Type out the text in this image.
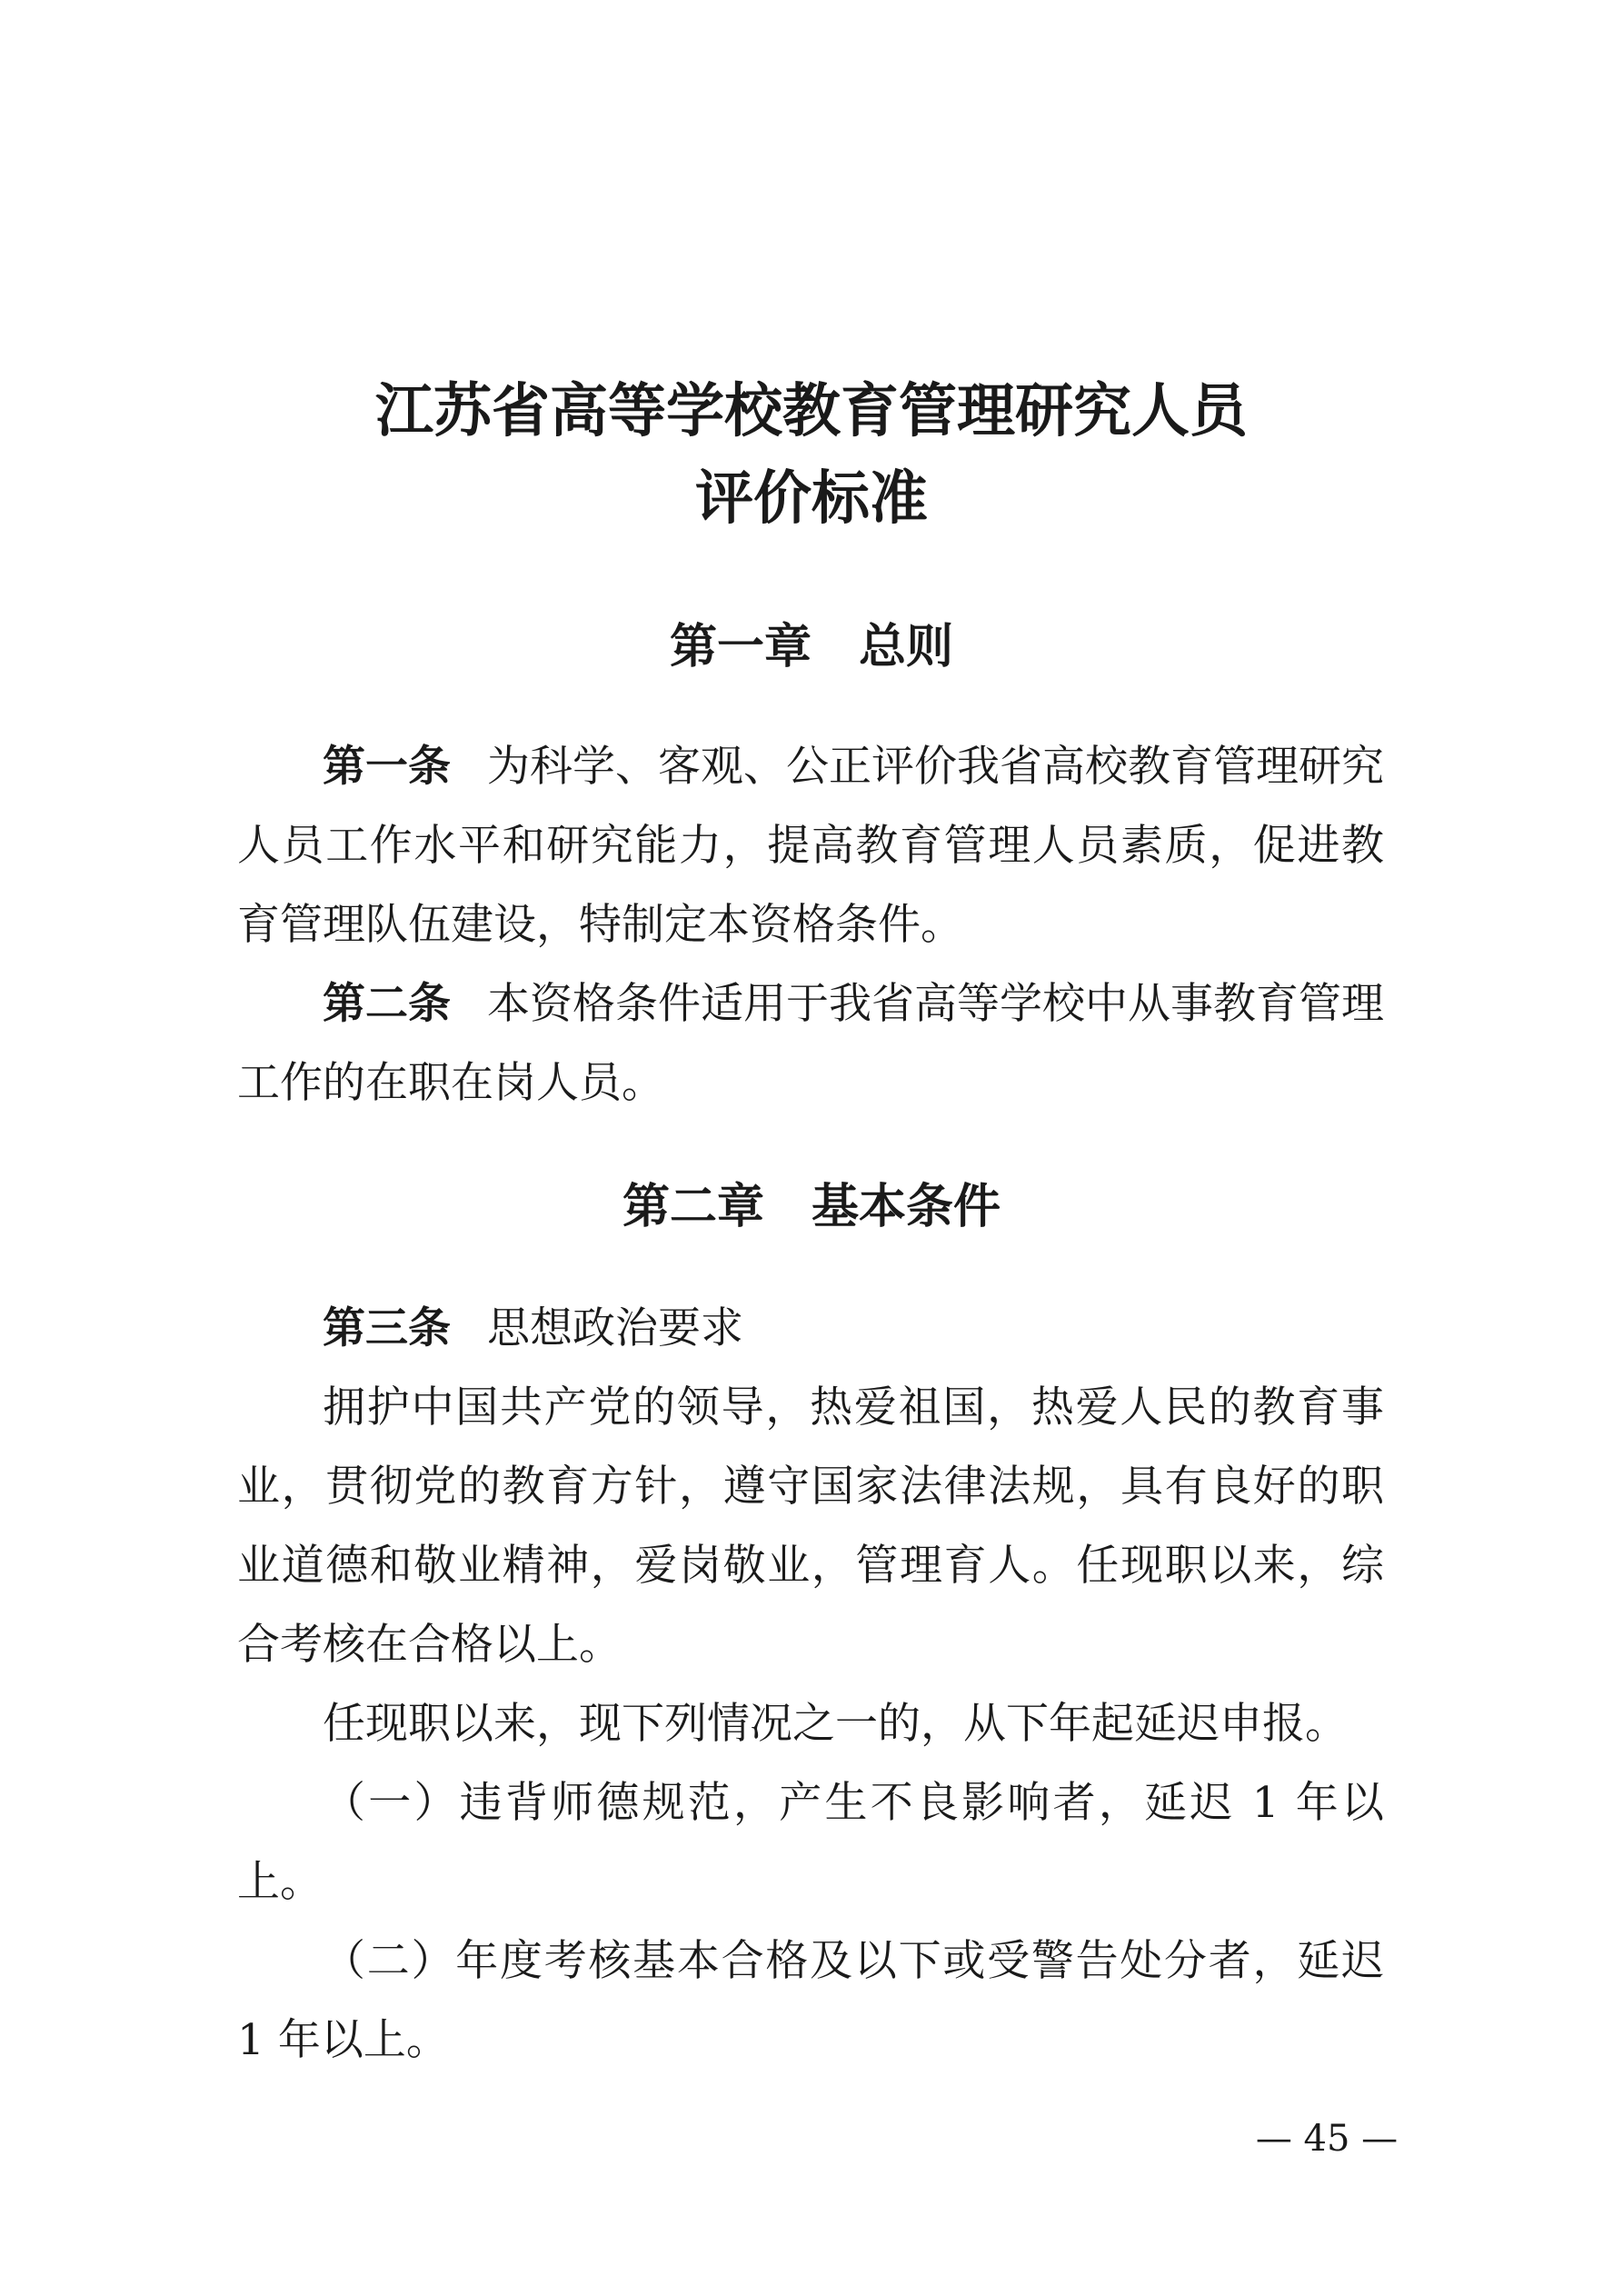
江苏省高等学校教育管理研究人员
评价标准
第一章 总则

第一条 为科学、客观、公正评价我省高校教育管理研究人员工作水平和研究能力，提高教育管理人员素质，促进教育管理队伍建设，特制定本资格条件。

第二条 本资格条件适用于我省高等学校中从事教育管理工作的在职在岗人员。

第二章 基本条件

第三条 思想政治要求

拥护中国共产党的领导，热爱祖国，热爱人民的教育事业，贯彻党的教育方针，遵守国家法律法规，具有良好的职业道德和敬业精神，爱岗敬业，管理育人。任现职以来，综合考核在合格以上。

任现职以来，现下列情况之一的，从下年起延迟申报。

（一）违背师德规范，产生不良影响者，延迟 1 年以上。

（二）年度考核基本合格及以下或受警告处分者，延迟 1 年以上。

— 45 —
